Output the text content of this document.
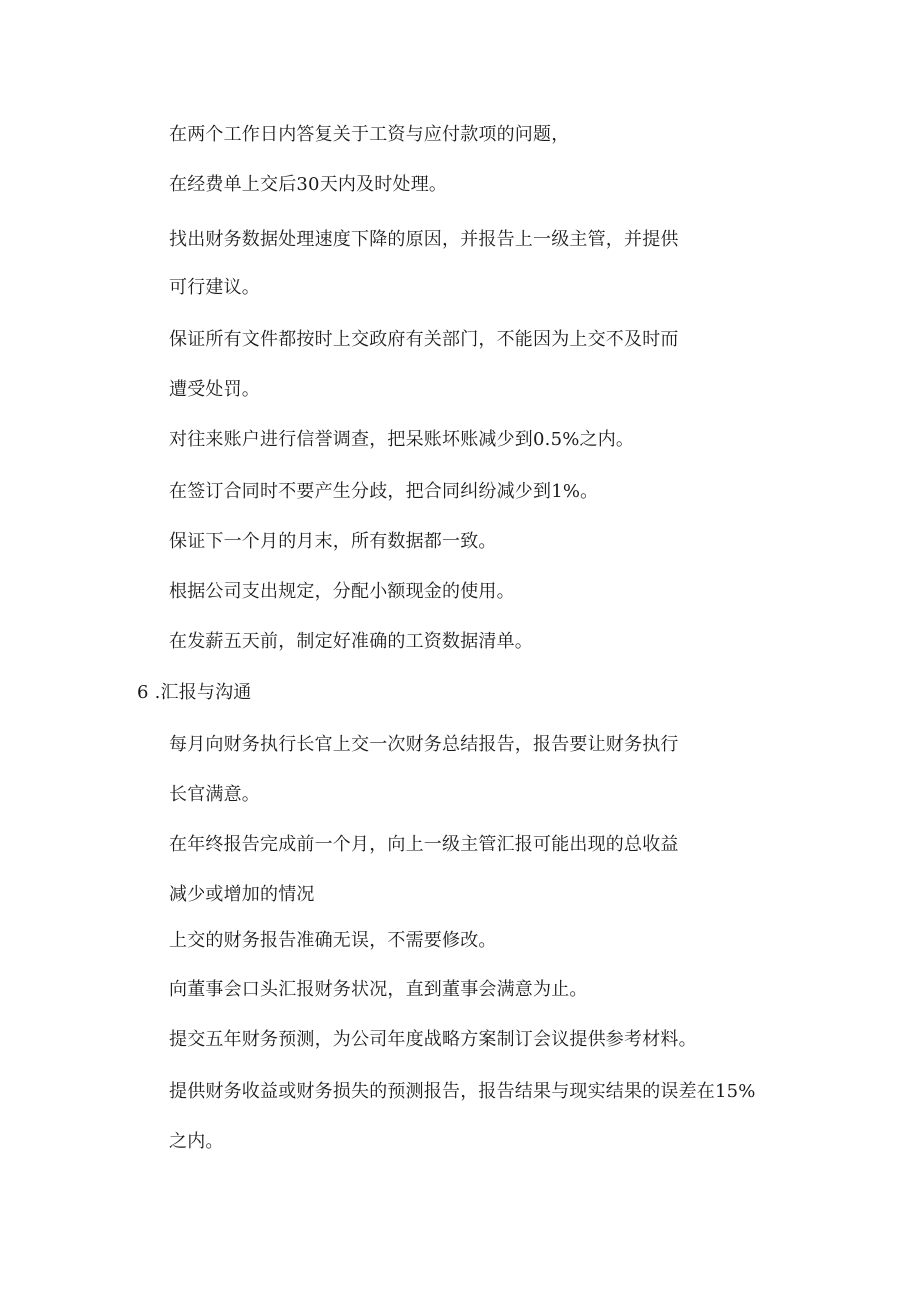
在两个工作日内答复关于工资与应付款项的问题，
在经费单上交后30天内及时处理。
找出财务数据处理速度下降的原因，并报告上一级主管，并提供
可行建议。
保证所有文件都按时上交政府有关部门，不能因为上交不及时而
遭受处罚。
对往来账户进行信誉调查，把呆账坏账减少到0.5%之内。
在签订合同时不要产生分歧，把合同纠纷减少到1%。
保证下一个月的月末，所有数据都一致。
根据公司支出规定，分配小额现金的使用。
在发薪五天前，制定好准确的工资数据清单。
6 .汇报与沟通
每月向财务执行长官上交一次财务总结报告，报告要让财务执行
长官满意。
在年终报告完成前一个月，向上一级主管汇报可能出现的总收益
减少或增加的情况
上交的财务报告准确无误，不需要修改。
向董事会口头汇报财务状况，直到董事会满意为止。
提交五年财务预测，为公司年度战略方案制订会议提供参考材料。
提供财务收益或财务损失的预测报告，报告结果与现实结果的误差在15%
之内。
